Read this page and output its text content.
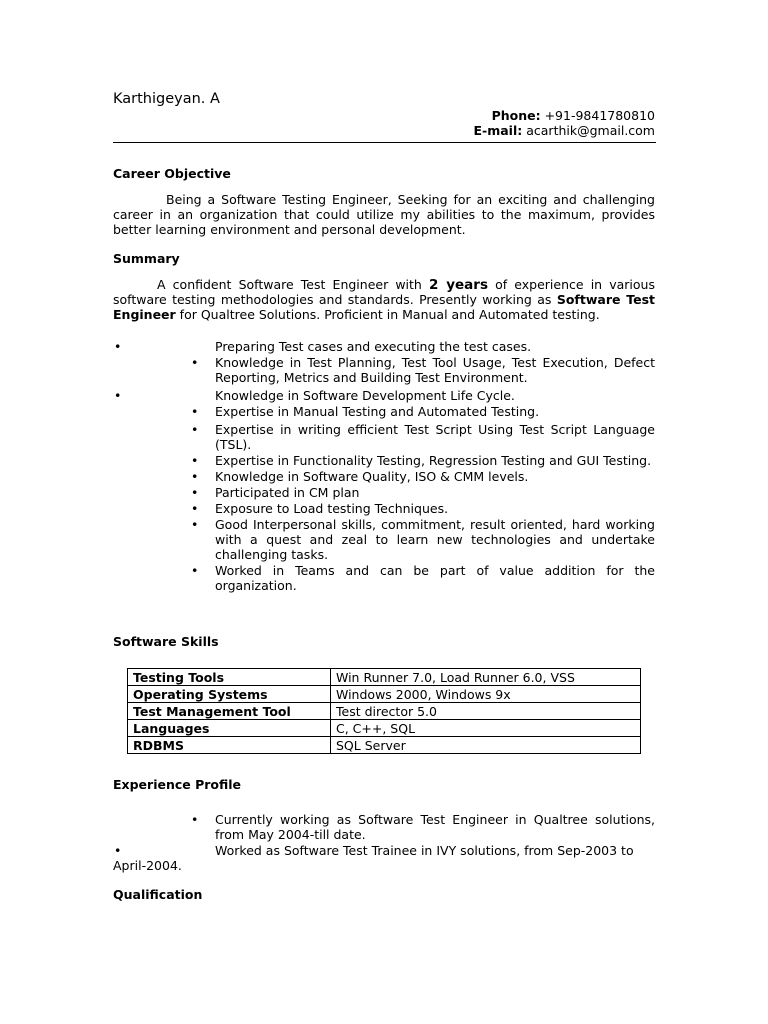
Karthigeyan. A
Phone: +91-9841780810
E-mail: acarthik@gmail.com
Career Objective
Being a Software Testing Engineer, Seeking for an exciting and challenging career in an organization that could utilize my abilities to the maximum, provides better learning environment and personal development.
Summary
A confident Software Test Engineer with 2 years of experience in various software testing methodologies and standards. Presently working as Software Test Engineer for Qualtree Solutions. Proficient in Manual and Automated testing.
•	Preparing Test cases and executing the test cases.
• Knowledge in Test Planning, Test Tool Usage, Test Execution, Defect Reporting, Metrics and Building Test Environment.
•	Knowledge in Software Development Life Cycle.
• Expertise in Manual Testing and Automated Testing.
• Expertise in writing efficient Test Script Using Test Script Language (TSL).
• Expertise in Functionality Testing, Regression Testing and GUI Testing.
• Knowledge in Software Quality, ISO & CMM levels.
• Participated in CM plan
• Exposure to Load testing Techniques.
• Good Interpersonal skills, commitment, result oriented, hard working with a quest and zeal to learn new technologies and undertake challenging tasks.
• Worked in Teams and can be part of value addition for the organization.
Software Skills
Testing Tools	Win Runner 7.0, Load Runner 6.0, VSS
Operating Systems	Windows 2000, Windows 9x
Test Management Tool	Test director 5.0
Languages	C, C++, SQL
RDBMS	SQL Server
Experience Profile
• Currently working as Software Test Engineer in Qualtree solutions, from May 2004-till date.
•	Worked as Software Test Trainee in IVY solutions, from Sep-2003 to
April-2004.
Qualification
